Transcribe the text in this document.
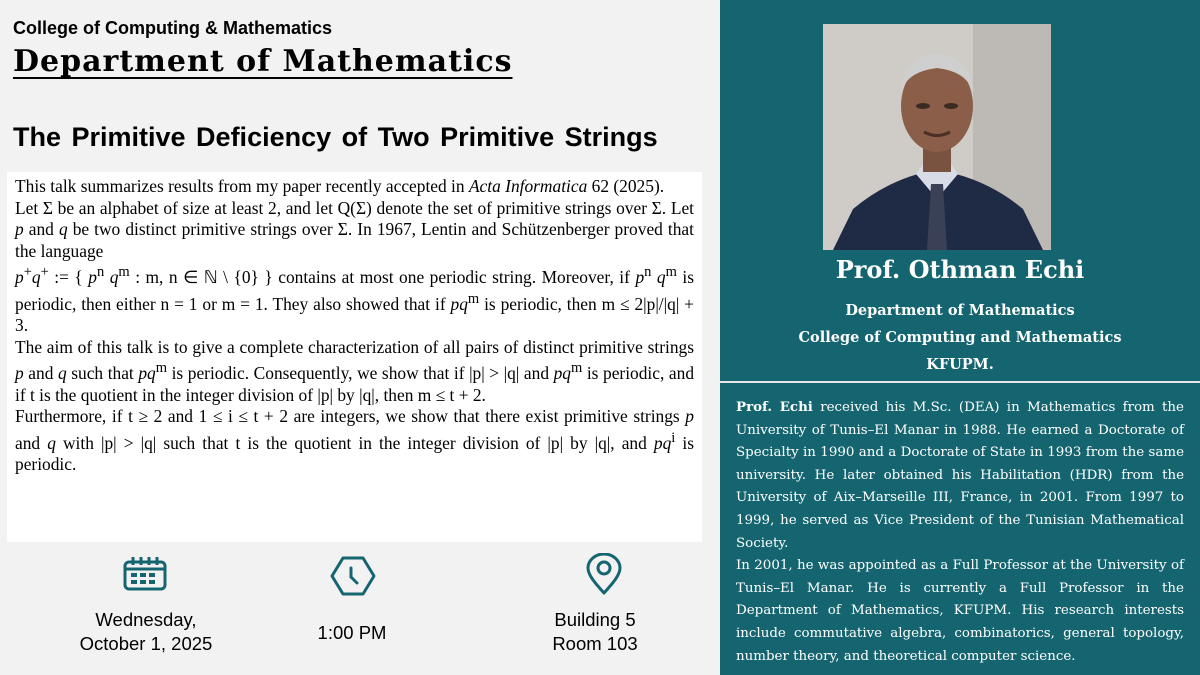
College of Computing & Mathematics
Department of Mathematics
The Primitive Deficiency of Two Primitive Strings

This talk summarizes results from my paper recently accepted in Acta Informatica 62 (2025).

Let Σ be an alphabet of size at least 2, and let Q(Σ) denote the set of primitive strings over Σ. Let p and q be two distinct primitive strings over Σ. In 1967, Lentin and Schützenberger proved that the language

p+q+ := { $p^n$ $q^m$ : m, n ∈ ℕ \ {0} } contains at most one periodic string. Moreover, if $p^n$ $q^m$ is periodic, then either n = 1 or m = 1. They also showed that if $pq^m$ is periodic, then m ≤ 2|p|/|q| + 3.

The aim of this talk is to give a complete characterization of all pairs of distinct primitive strings p and q such that $pq^m$ is periodic. Consequently, we show that if |p| > |q| and $pq^m$ is periodic, and if t is the quotient in the integer division of |p| by |q|, then m ≤ t + 2.

Furthermore, if t ≥ 2 and 1 ≤ i ≤ t + 2 are integers, we show that there exist primitive strings p and q with |p| > |q| such that t is the quotient in the integer division of |p| by |q|, and $pq^i$ is periodic.

Wednesday,
October 1, 2025
1:00 PM
Building 5
Room 103
Prof. Othman Echi
Department of Mathematics
College of Computing and Mathematics
KFUPM.

Prof. Echi received his M.Sc. (DEA) in Mathematics from the University of Tunis–El Manar in 1988. He earned a Doctorate of Specialty in 1990 and a Doctorate of State in 1993 from the same university. He later obtained his Habilitation (HDR) from the University of Aix–Marseille III, France, in 2001. From 1997 to 1999, he served as Vice President of the Tunisian Mathematical Society.

In 2001, he was appointed as a Full Professor at the University of Tunis–El Manar. He is currently a Full Professor in the Department of Mathematics, KFUPM. His research interests include commutative algebra, combinatorics, general topology, number theory, and theoretical computer science.
